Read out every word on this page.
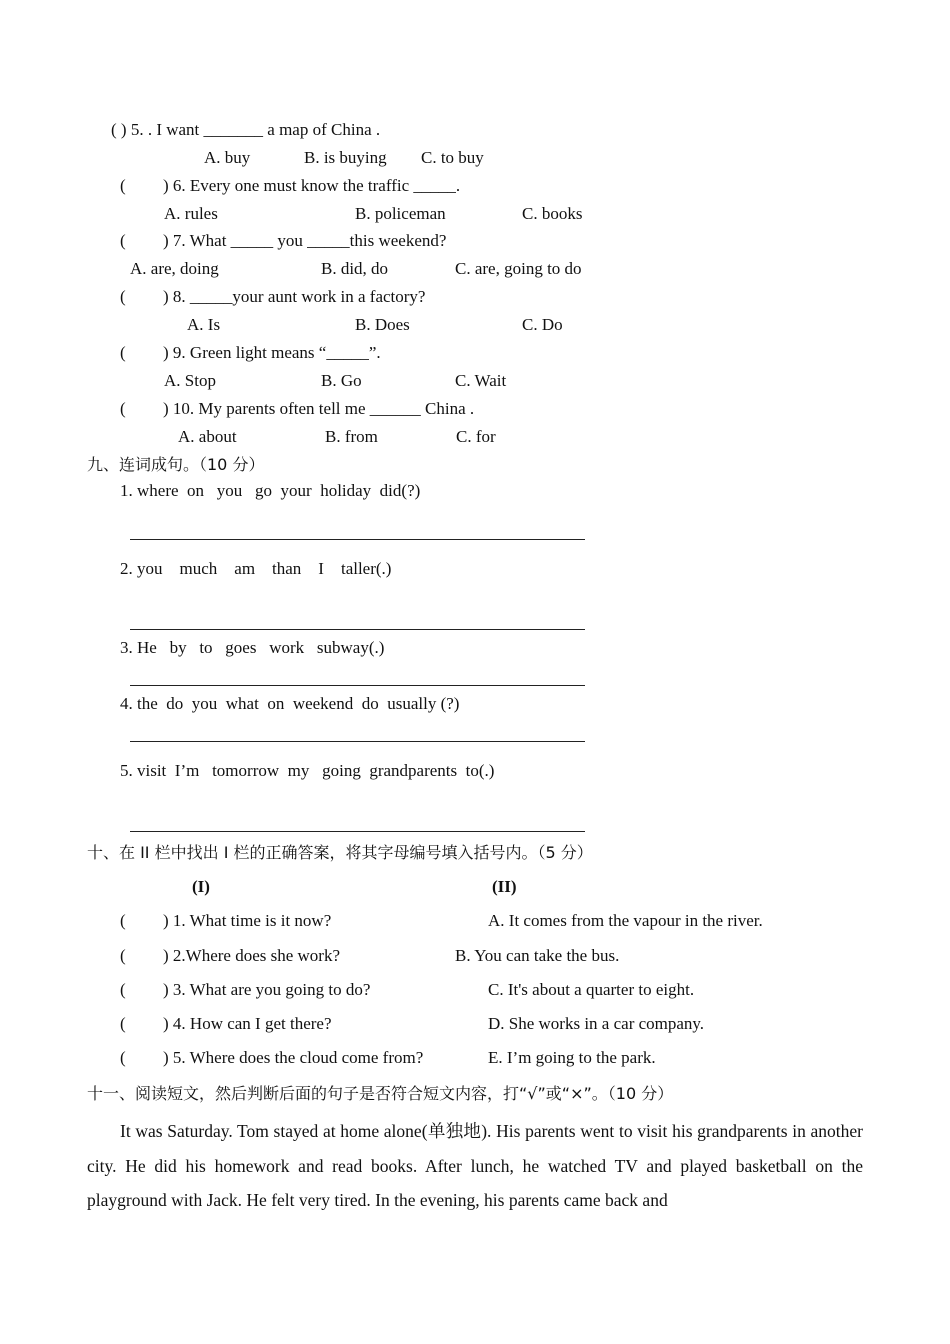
( ) 5. . I want _______ a map of China .
A. buy	B. is buying C. to buy
( ) 6. Every one must know the traffic _____.
A. rules	B. policeman	C. books
( ) 7. What _____ you _____this weekend?
A. are, doing	B. did, do	C. are, going to do
( ) 8. _____your aunt work in a factory?
A. Is	B. Does	C. Do
( ) 9. Green light means “_____”.
A. Stop	B. Go	C. Wait
( ) 10. My parents often tell me ______ China .
A. about	B. from	C. for
九、连词成句。（10 分）
1. where  on   you   go  your  holiday  did(?)
2. you    much    am    than    I    taller(.)
3. He   by   to   goes   work   subway(.)
4. the  do  you  what  on  weekend  do  usually (?)
5. visit  I’m   tomorrow  my   going  grandparents  to(.)
十、在 II 栏中找出 I 栏的正确答案，将其字母编号填入括号内。（5 分）
(I)	(II)
( ) 1. What time is it now?	A. It comes from the vapour in the river.
( ) 2.Where does she work?	B. You can take the bus.
( ) 3. What are you going to do?	C. It's about a quarter to eight.
( ) 4. How can I get there?	D. She works in a car company.
( ) 5. Where does the cloud come from?	E. I’m going to the park.
十一、阅读短文，然后判断后面的句子是否符合短文内容，打“√”或“×”。（10 分）
It was Saturday. Tom stayed at home alone(单独地). His parents went to visit his grandparents in another city. He did his homework and read books. After lunch, he watched TV and played basketball on the playground with Jack. He felt very tired. In the evening, his parents came back and
